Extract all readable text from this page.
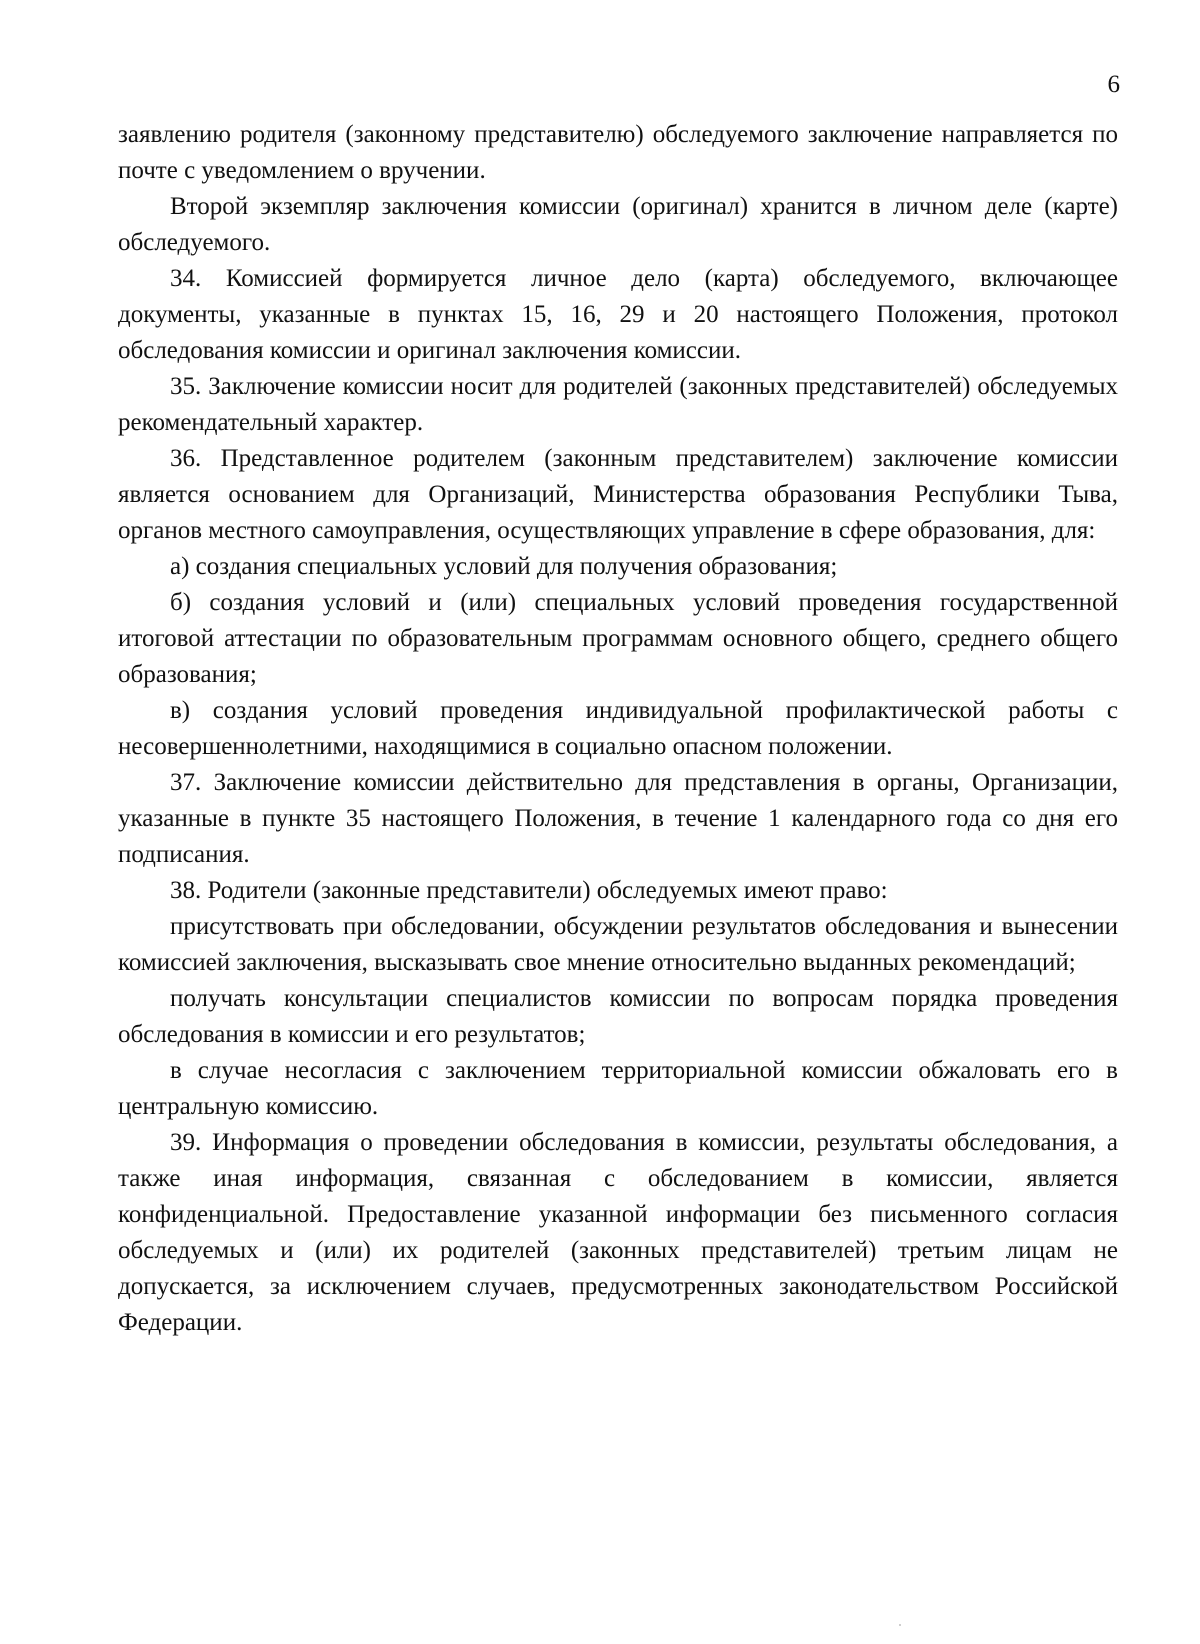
6

заявлению родителя (законному представителю) обследуемого заключение направляется по почте с уведомлением о вручении.

Второй экземпляр заключения комиссии (оригинал) хранится в личном деле (карте) обследуемого.

34. Комиссией формируется личное дело (карта) обследуемого, включающее документы, указанные в пунктах 15, 16, 29 и 20 настоящего Положения, протокол обследования комиссии и оригинал заключения комиссии.

35. Заключение комиссии носит для родителей (законных представителей) обследуемых рекомендательный характер.

36. Представленное родителем (законным представителем) заключение комиссии является основанием для Организаций, Министерства образования Республики Тыва, органов местного самоуправления, осуществляющих управление в сфере образования, для:

а) создания специальных условий для получения образования;

б) создания условий и (или) специальных условий проведения государственной итоговой аттестации по образовательным программам основного общего, среднего общего образования;

в) создания условий проведения индивидуальной профилактической работы с несовершеннолетними, находящимися в социально опасном положении.

37. Заключение комиссии действительно для представления в органы, Организации, указанные в пункте 35 настоящего Положения, в течение 1 календарного года со дня его подписания.

38. Родители (законные представители) обследуемых имеют право:

присутствовать при обследовании, обсуждении результатов обследования и вынесении комиссией заключения, высказывать свое мнение относительно выданных рекомендаций;

получать консультации специалистов комиссии по вопросам порядка проведения обследования в комиссии и его результатов;

в случае несогласия с заключением территориальной комиссии обжаловать его в центральную комиссию.

39. Информация о проведении обследования в комиссии, результаты обследования, а также иная информация, связанная с обследованием в комиссии, является конфиденциальной. Предоставление указанной информации без письменного согласия обследуемых и (или) их родителей (законных представителей) третьим лицам не допускается, за исключением случаев, предусмотренных законодательством Российской Федерации.
